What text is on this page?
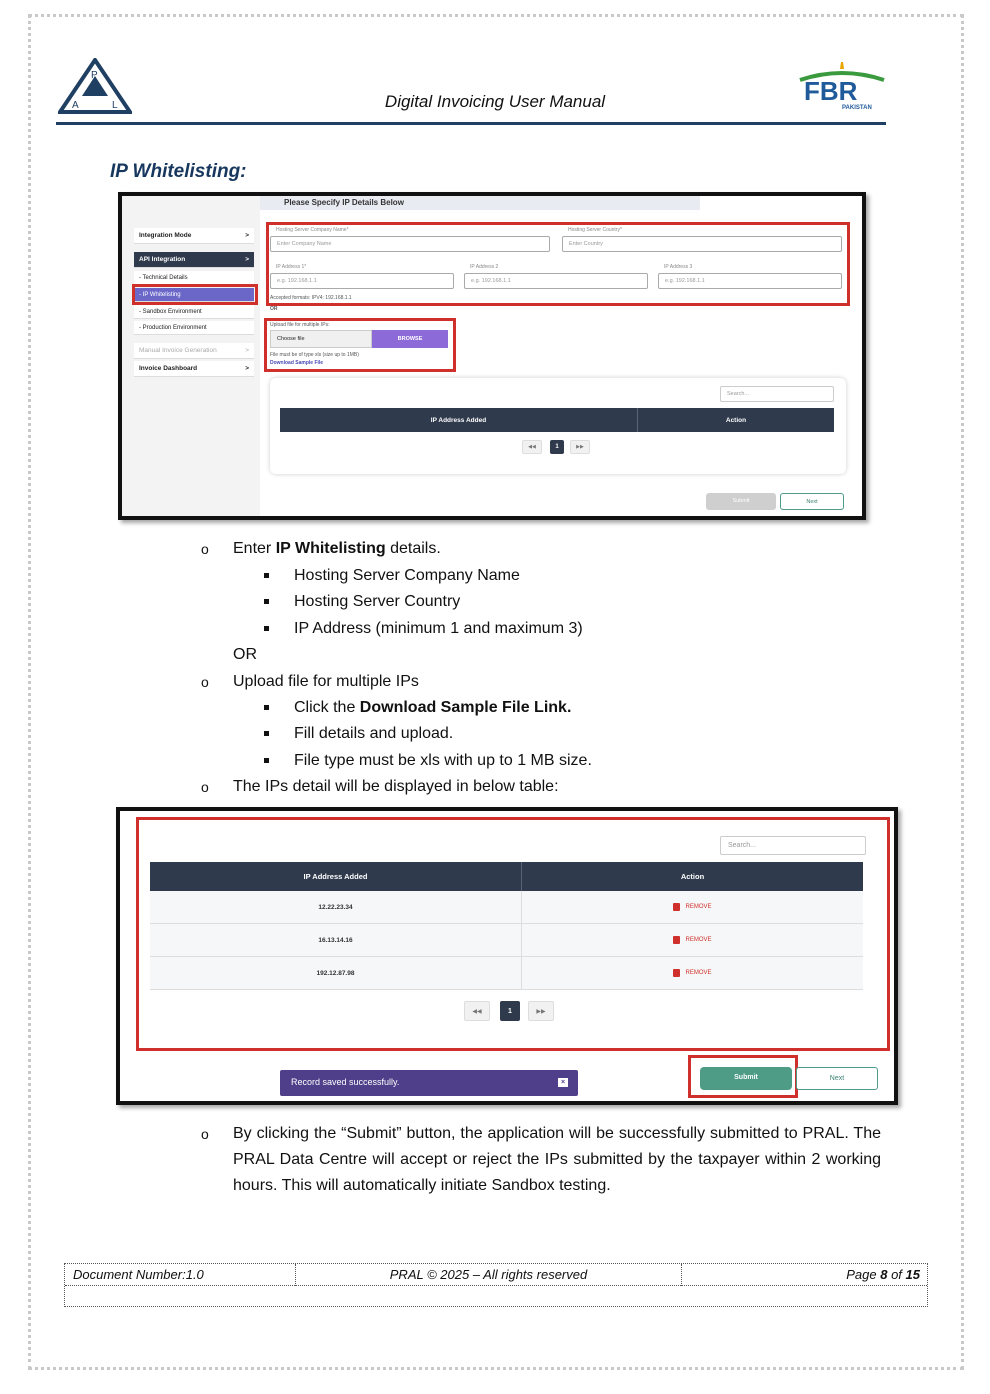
P
A R L	Digital Invoicing User Manual	FBR
PAKISTAN
IP Whitelisting:
Integration Mode	>
API Integration	>
- Technical Details
- IP Whitelisting
- Sandbox Environment
- Production Environment
Manual Invoice Generation	>
Invoice Dashboard	>
Please Specify IP Details Below
Hosting Server Company Name*
Enter Company Name
Hosting Server Country*
Enter Country
IP Address 1*
e.g. 192.168.1.1
IP Address 2
e.g. 192.168.1.1
IP Address 3
e.g. 192.168.1.1
Accepted formats: IPV4: 192.168.1.1
OR
Upload file for multiple IPs:
Choose file	BROWSE
File must be of type xls (size up to 1MB)
Download Sample File
Search...
IP Address Added	Action
◀◀	1	▶▶
Submit	Next
o Enter IP Whitelisting details.
Hosting Server Company Name
Hosting Server Country
IP Address (minimum 1 and maximum 3)
OR
o Upload file for multiple IPs
Click the Download Sample File Link.
Fill details and upload.
File type must be xls with up to 1 MB size.
o The IPs detail will be displayed in below table:
Search...
IP Address Added	Action
12.22.23.34	REMOVE
16.13.14.16	REMOVE
192.12.87.98	REMOVE
◀◀	1	▶▶
Record saved successfully.	×
Submit	Next
o By clicking the “Submit” button, the application will be successfully submitted to PRAL. The PRAL Data Centre will accept or reject the IPs submitted by the taxpayer within 2 working hours. This will automatically initiate Sandbox testing.
Document Number:1.0	PRAL © 2025 – All rights reserved	Page 8 of 15
